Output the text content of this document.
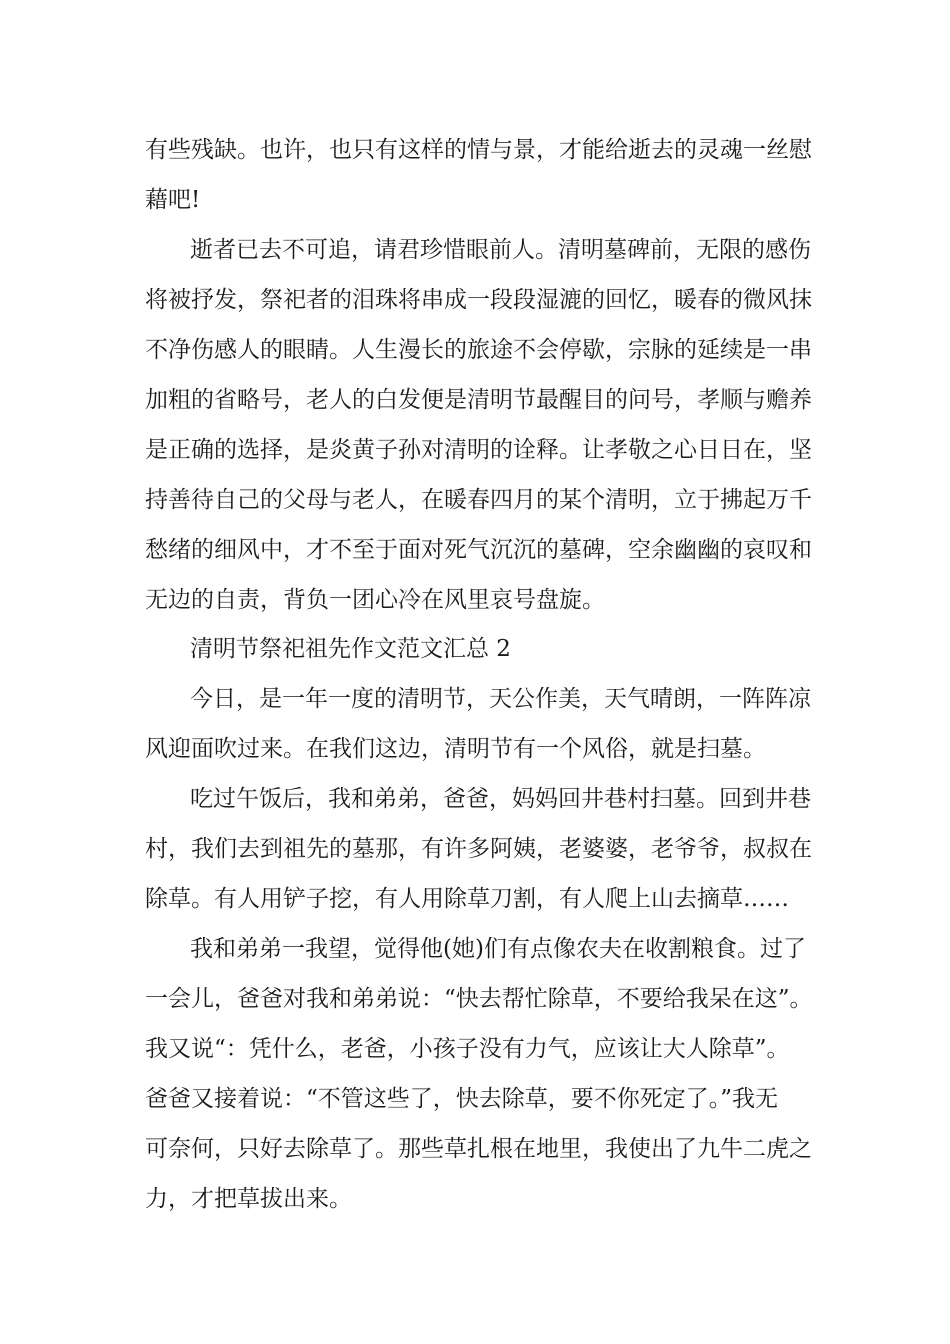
有些残缺。也许，也只有这样的情与景，才能给逝去的灵魂一丝慰
藉吧!
逝者已去不可追，请君珍惜眼前人。清明墓碑前，无限的感伤
将被抒发，祭祀者的泪珠将串成一段段湿漉的回忆，暖春的微风抹
不净伤感人的眼睛。人生漫长的旅途不会停歇，宗脉的延续是一串
加粗的省略号，老人的白发便是清明节最醒目的问号，孝顺与赡养
是正确的选择，是炎黄子孙对清明的诠释。让孝敬之心日日在，坚
持善待自己的父母与老人，在暖春四月的某个清明，立于拂起万千
愁绪的细风中，才不至于面对死气沉沉的墓碑，空余幽幽的哀叹和
无边的自责，背负一团心冷在风里哀号盘旋。
清明节祭祀祖先作文范文汇总 2
今日，是一年一度的清明节，天公作美，天气晴朗，一阵阵凉
风迎面吹过来。在我们这边，清明节有一个风俗，就是扫墓。
吃过午饭后，我和弟弟，爸爸，妈妈回井巷村扫墓。回到井巷
村，我们去到祖先的墓那，有许多阿姨，老婆婆，老爷爷，叔叔在
除草。有人用铲子挖，有人用除草刀割，有人爬上山去摘草……
我和弟弟一我望，觉得他(她)们有点像农夫在收割粮食。过了
一会儿，爸爸对我和弟弟说：“快去帮忙除草，不要给我呆在这”。
我又说“：凭什么，老爸，小孩子没有力气，应该让大人除草”。
爸爸又接着说：“不管这些了，快去除草，要不你死定了。”我无
可奈何，只好去除草了。那些草扎根在地里，我使出了九牛二虎之
力，才把草拔出来。
